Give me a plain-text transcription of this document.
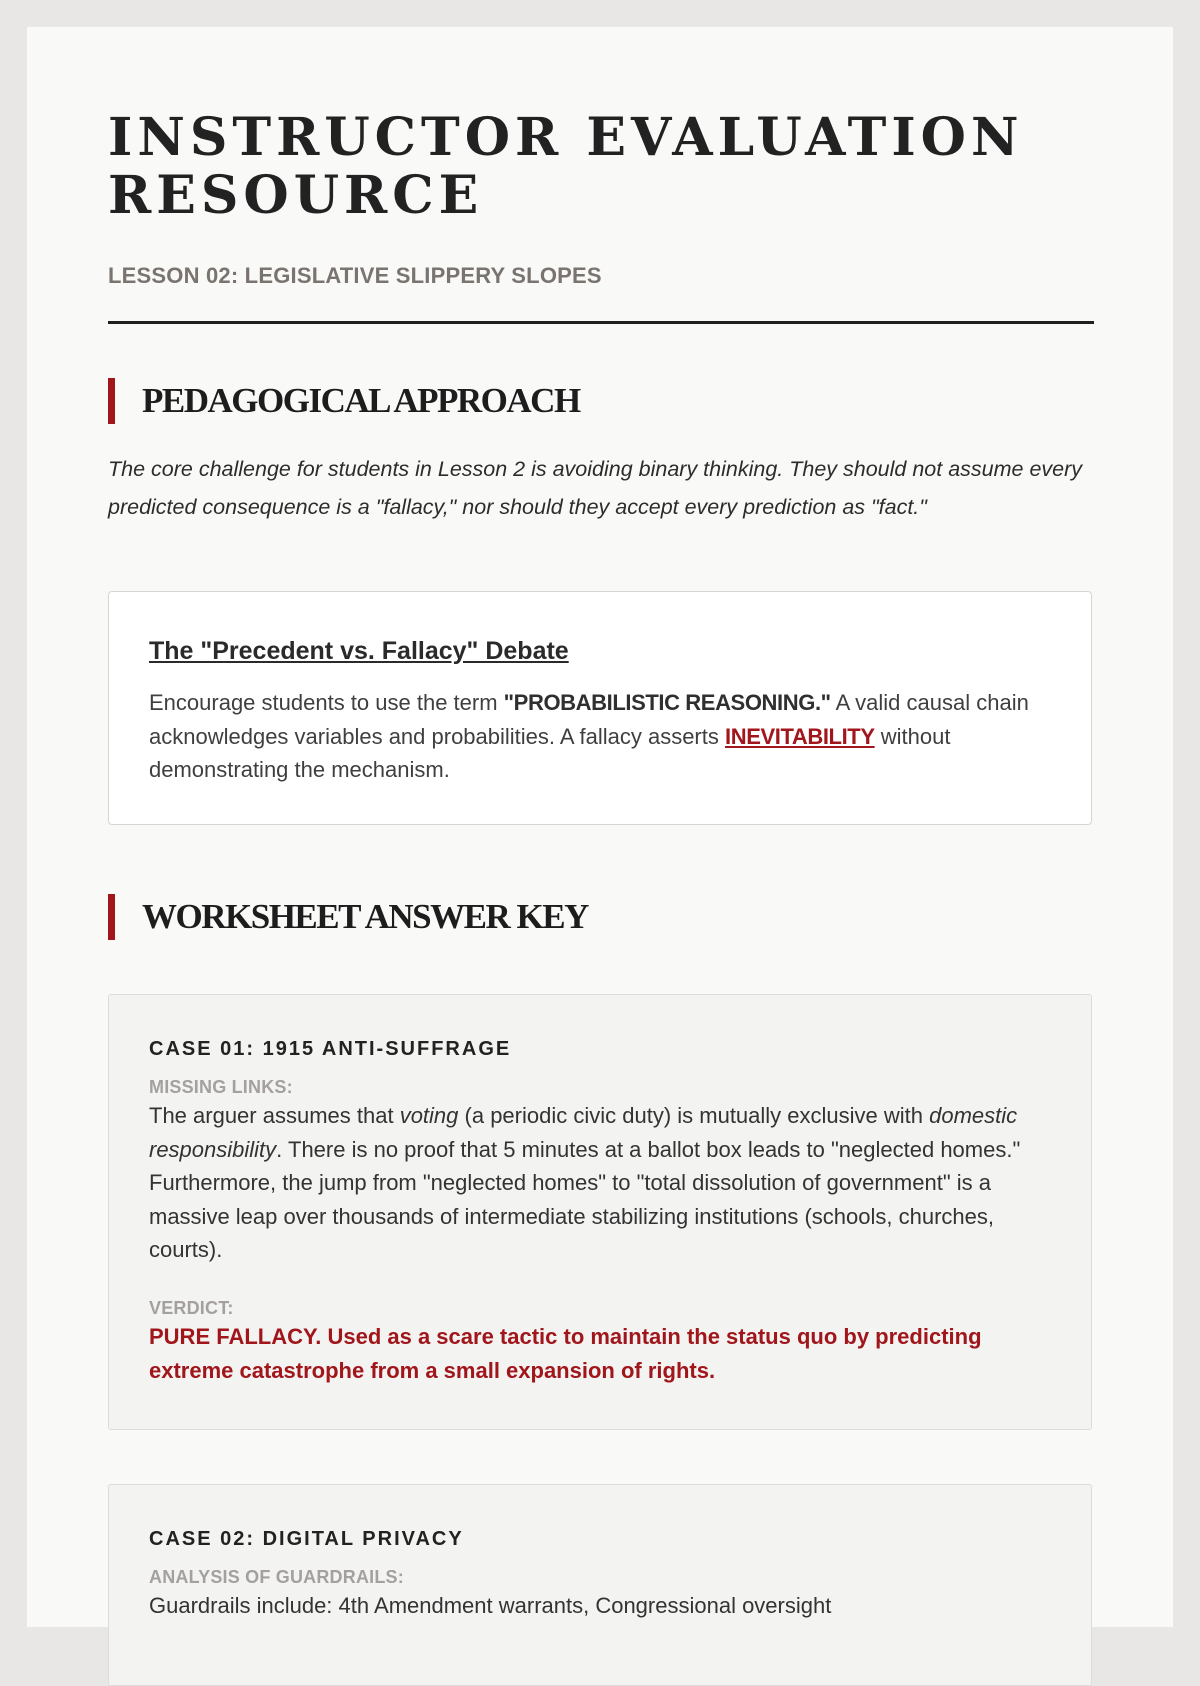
INSTRUCTOR EVALUATION RESOURCE
LESSON 02: LEGISLATIVE SLIPPERY SLOPES
PEDAGOGICAL APPROACH

The core challenge for students in Lesson 2 is avoiding binary thinking. They should not assume every predicted consequence is a "fallacy," nor should they accept every prediction as "fact."

The "Precedent vs. Fallacy" Debate

Encourage students to use the term "PROBABILISTIC REASONING." A valid causal chain acknowledges variables and probabilities. A fallacy asserts INEVITABILITY without demonstrating the mechanism.

WORKSHEET ANSWER KEY
CASE 01: 1915 ANTI-SUFFRAGE
MISSING LINKS:

The arguer assumes that voting (a periodic civic duty) is mutually exclusive with domestic responsibility. There is no proof that 5 minutes at a ballot box leads to "neglected homes." Furthermore, the jump from "neglected homes" to "total dissolution of government" is a massive leap over thousands of intermediate stabilizing institutions (schools, churches, courts).

VERDICT:

PURE FALLACY. Used as a scare tactic to maintain the status quo by predicting extreme catastrophe from a small expansion of rights.

CASE 02: DIGITAL PRIVACY
ANALYSIS OF GUARDRAILS:

Guardrails include: 4th Amendment warrants, Congressional oversight
